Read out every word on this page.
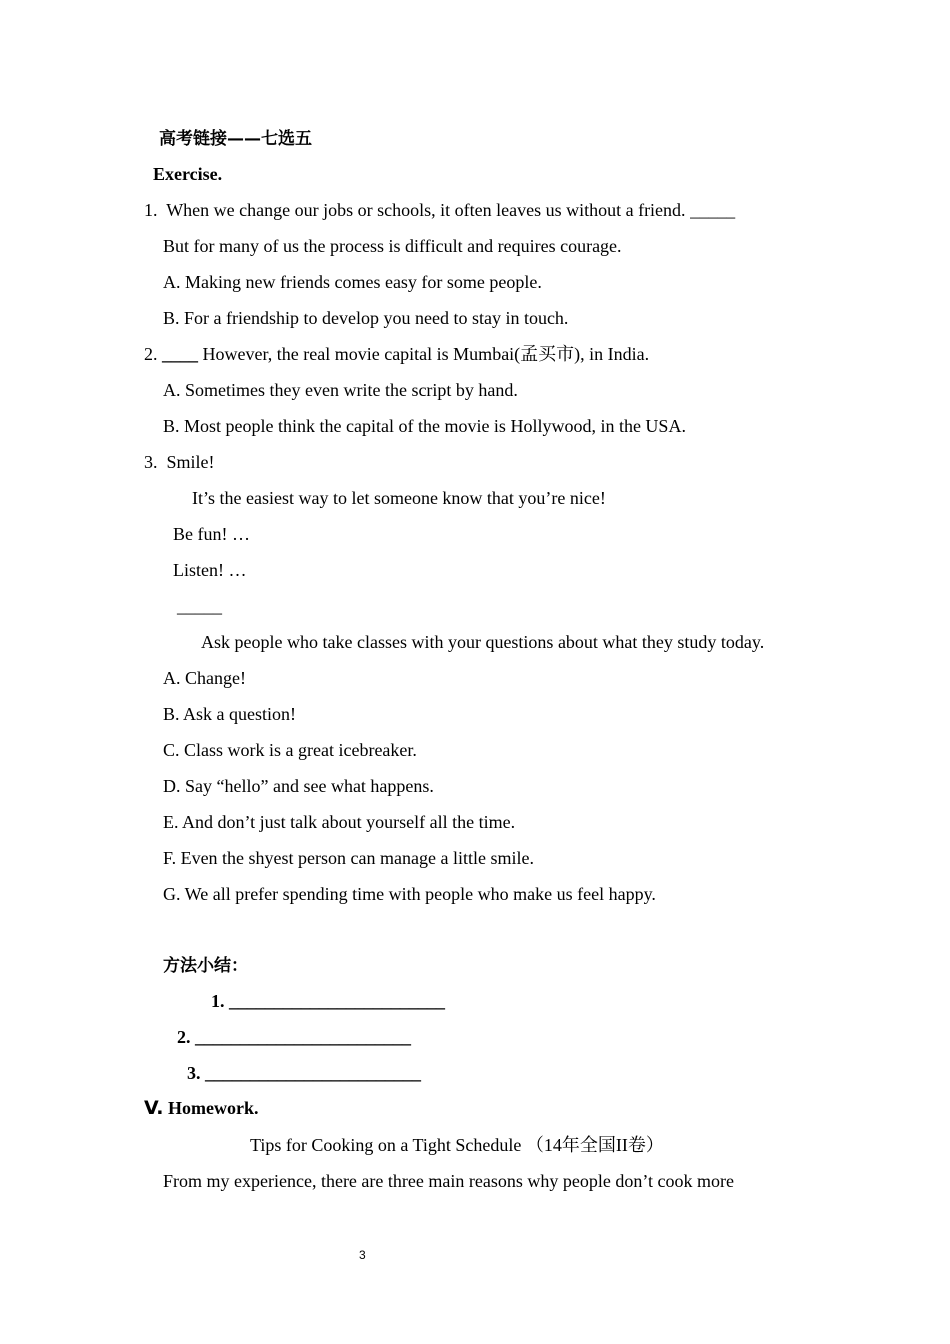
高考链接——七选五
Exercise.
1. When we change our jobs or schools, it often leaves us without a friend. _____
But for many of us the process is difficult and requires courage.
A. Making new friends comes easy for some people.
B. For a friendship to develop you need to stay in touch.
2. ____ However, the real movie capital is Mumbai(孟买市), in India.
A. Sometimes they even write the script by hand.
B. Most people think the capital of the movie is Hollywood, in the USA.
3. Smile!
It’s the easiest way to let someone know that you’re nice!
Be fun! …
Listen! …
_____
Ask people who take classes with your questions about what they study today.
A. Change!
B. Ask a question!
C. Class work is a great icebreaker.
D. Say “hello” and see what happens.
E. And don’t just talk about yourself all the time.
F. Even the shyest person can manage a little smile.
G. We all prefer spending time with people who make us feel happy.
方法小结：
1. ________________________
2. ________________________
3. ________________________
V. Homework.
Tips for Cooking on a Tight Schedule （14年全国II卷）
From my experience, there are three main reasons why people don’t cook more
3
